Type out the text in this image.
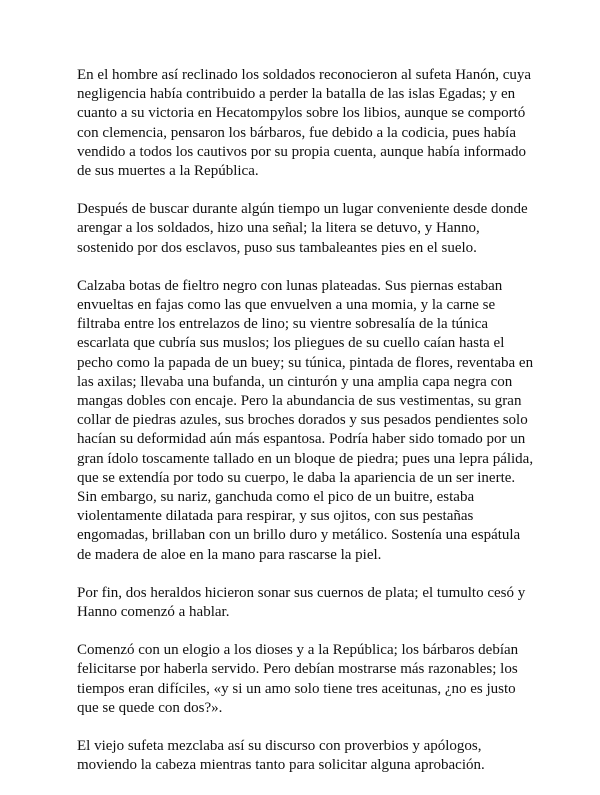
En el hombre así reclinado los soldados reconocieron al sufeta Hanón, cuya
negligencia había contribuido a perder la batalla de las islas Egadas; y en
cuanto a su victoria en Hecatompylos sobre los libios, aunque se comportó
con clemencia, pensaron los bárbaros, fue debido a la codicia, pues había
vendido a todos los cautivos por su propia cuenta, aunque había informado
de sus muertes a la República.

Después de buscar durante algún tiempo un lugar conveniente desde donde
arengar a los soldados, hizo una señal; la litera se detuvo, y Hanno,
sostenido por dos esclavos, puso sus tambaleantes pies en el suelo.

Calzaba botas de fieltro negro con lunas plateadas. Sus piernas estaban
envueltas en fajas como las que envuelven a una momia, y la carne se
filtraba entre los entrelazos de lino; su vientre sobresalía de la túnica
escarlata que cubría sus muslos; los pliegues de su cuello caían hasta el
pecho como la papada de un buey; su túnica, pintada de flores, reventaba en
las axilas; llevaba una bufanda, un cinturón y una amplia capa negra con
mangas dobles con encaje. Pero la abundancia de sus vestimentas, su gran
collar de piedras azules, sus broches dorados y sus pesados pendientes solo
hacían su deformidad aún más espantosa. Podría haber sido tomado por un
gran ídolo toscamente tallado en un bloque de piedra; pues una lepra pálida,
que se extendía por todo su cuerpo, le daba la apariencia de un ser inerte.
Sin embargo, su nariz, ganchuda como el pico de un buitre, estaba
violentamente dilatada para respirar, y sus ojitos, con sus pestañas
engomadas, brillaban con un brillo duro y metálico. Sostenía una espátula
de madera de aloe en la mano para rascarse la piel.

Por fin, dos heraldos hicieron sonar sus cuernos de plata; el tumulto cesó y
Hanno comenzó a hablar.

Comenzó con un elogio a los dioses y a la República; los bárbaros debían
felicitarse por haberla servido. Pero debían mostrarse más razonables; los
tiempos eran difíciles, «y si un amo solo tiene tres aceitunas, ¿no es justo
que se quede con dos?».

El viejo sufeta mezclaba así su discurso con proverbios y apólogos,
moviendo la cabeza mientras tanto para solicitar alguna aprobación.
